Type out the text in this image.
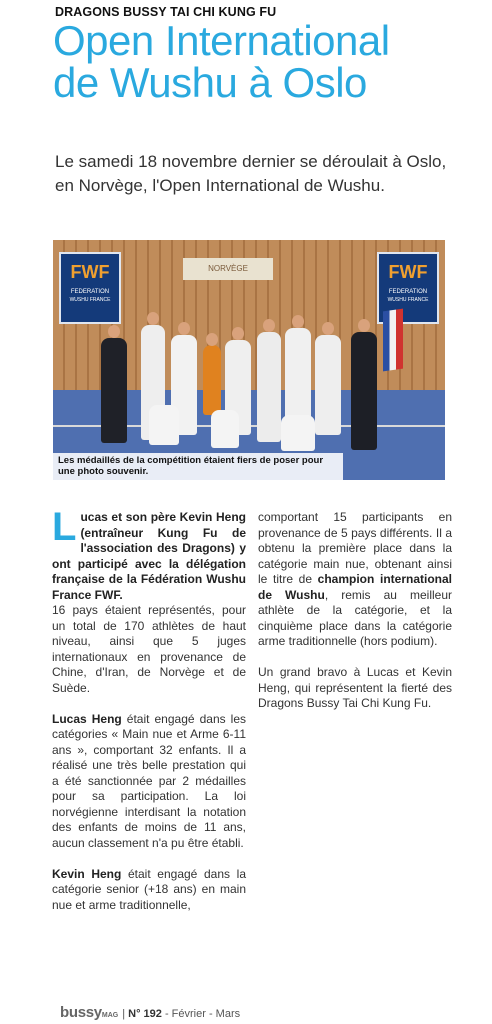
DRAGONS BUSSY TAI CHI KUNG FU
Open International
de Wushu à Oslo
Le samedi 18 novembre dernier se déroulait à Oslo, en Norvège, l'Open International de Wushu.
FWF
FEDERATION
WUSHU FRANCE
FWF
FEDERATION
WUSHU FRANCE
NORVÈGE
Les médaillés de la compétition étaient fiers de poser pour une photo souvenir.

Lucas et son père Kevin Heng (entraîneur Kung Fu de l'association des Dragons) y ont participé avec la délégation française de la Fédération Wushu France FWF.
16 pays étaient représentés, pour un total de 170 athlètes de haut niveau, ainsi que 5 juges internationaux en provenance de Chine, d'Iran, de Norvège et de Suède.

Lucas Heng était engagé dans les catégories « Main nue et Arme 6-11 ans », comportant 32 enfants. Il a réalisé une très belle prestation qui a été sanctionnée par 2 médailles pour sa participation. La loi norvégienne interdisant la notation des enfants de moins de 11 ans, aucun classement n'a pu être établi.

Kevin Heng était engagé dans la catégorie senior (+18 ans) en main nue et arme traditionnelle,

comportant 15 participants en provenance de 5 pays différents. Il a obtenu la première place dans la catégorie main nue, obtenant ainsi le titre de champion international de Wushu, remis au meilleur athlète de la catégorie, et la cinquième place dans la catégorie arme traditionnelle (hors podium).

Un grand bravo à Lucas et Kevin Heng, qui représentent la fierté des Dragons Bussy Tai Chi Kung Fu.

bussyMAG | N° 192 - Février - Mars
